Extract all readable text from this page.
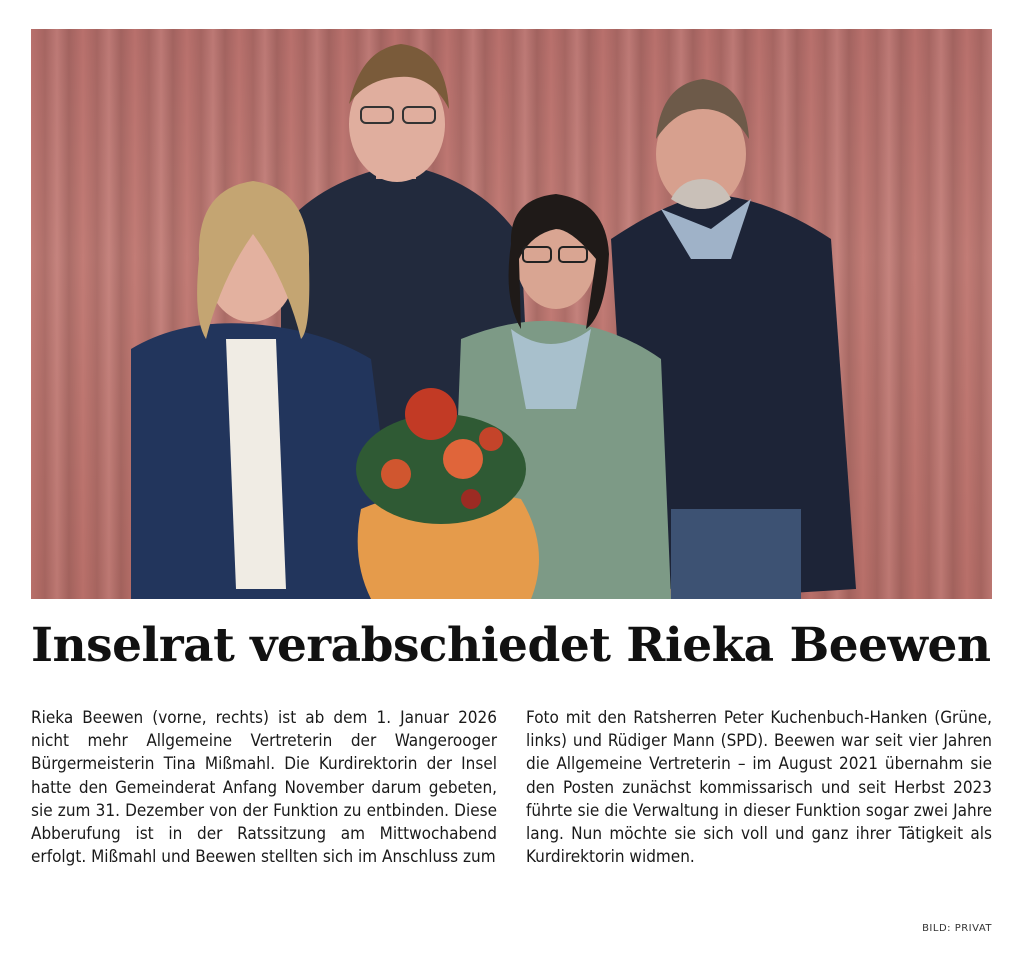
Inselrat verabschiedet Rieka Beewen

Rieka Beewen (vorne, rechts) ist ab dem 1. Januar 2026 nicht mehr Allgemeine Vertreterin der Wangerooger Bürgermeisterin Tina Mißmahl. Die Kurdirektorin der Insel hatte den Gemeinderat Anfang November darum gebeten, sie zum 31. Dezember von der Funktion zu entbinden. Diese Abberufung ist in der Ratssitzung am Mittwochabend erfolgt. Mißmahl und Beewen stellten sich im Anschluss zum

Foto mit den Ratsherren Peter Kuchenbuch-Hanken (Grüne, links) und Rüdiger Mann (SPD). Beewen war seit vier Jahren die Allgemeine Vertreterin – im August 2021 übernahm sie den Posten zunächst kommissarisch und seit Herbst 2023 führte sie die Verwaltung in dieser Funktion sogar zwei Jahre lang. Nun möchte sie sich voll und ganz ihrer Tätigkeit als Kurdirektorin widmen.

BILD: PRIVAT
